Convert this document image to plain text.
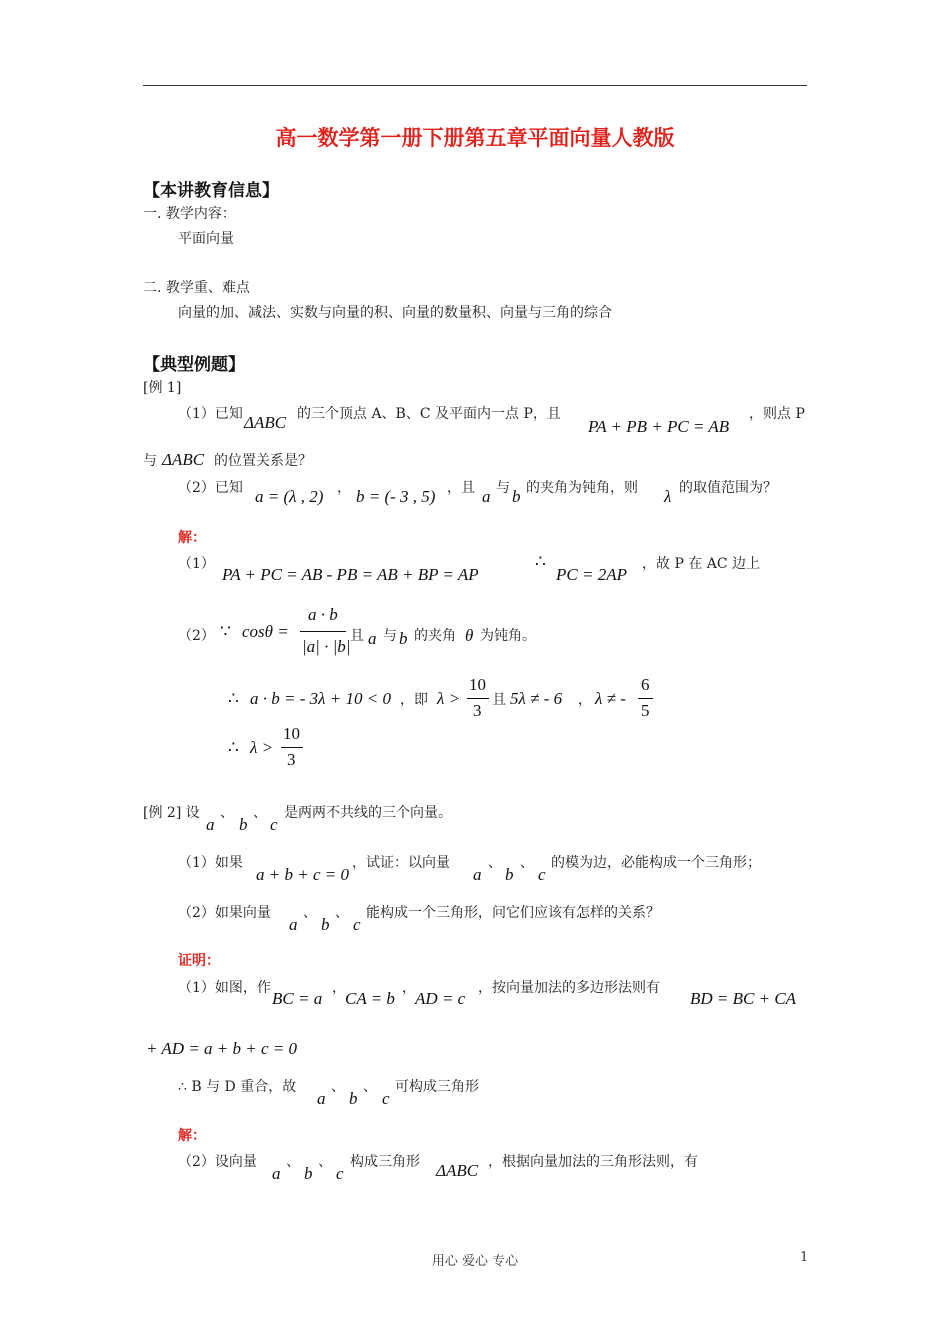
高一数学第一册下册第五章平面向量人教版
【本讲教育信息】
一. 教学内容：
平面向量
二. 教学重、难点
向量的加、减法、实数与向量的积、向量的数量积、向量与三角的综合
【典型例题】
[例 1]
（1）已知 ΔABC 的三个顶点 A、B、C 及平面内一点 P，且
PA + PB + PC = AB
，则点 P
与 ΔABC 的位置关系是？
（2）已知 a = (λ , 2) ， b = (- 3 , 5) ，且 a 与 b 的夹角为钝角，则 λ 的取值范围为？
解：
（1）
PA + PC = AB - PB = AB + BP = AP
∴
PC = 2AP
，故 P 在 AC 边上
（2） ∵ cosθ =
a · b
|a| · |b|
且 a 与 b 的夹角 θ 为钝角。
∴ a · b = - 3λ + 10 < 0 ，即 λ >
10
3
且 5λ ≠ - 6 ， λ ≠ -
6
5
∴ λ >
10
3
[例 2] 设
a
、
b
、
c
是两两不共线的三个向量。
（1）如果
a + b + c = 0
，试证：以向量
a
、
b
、
c
的模为边，必能构成一个三角形；
（2）如果向量
a
、
b
、
c
能构成一个三角形，问它们应该有怎样的关系？
证明：
（1）如图，作
BC = a
，
CA = b
，
AD = c
，按向量加法的多边形法则有
BD = BC + CA
+ AD = a + b + c = 0
∴ B 与 D 重合，故
a
、
b
、
c
可构成三角形
解：
（2）设向量
a
、
b
、
c
构成三角形 ΔABC ，根据向量加法的三角形法则，有
用心 爱心 专心	1
